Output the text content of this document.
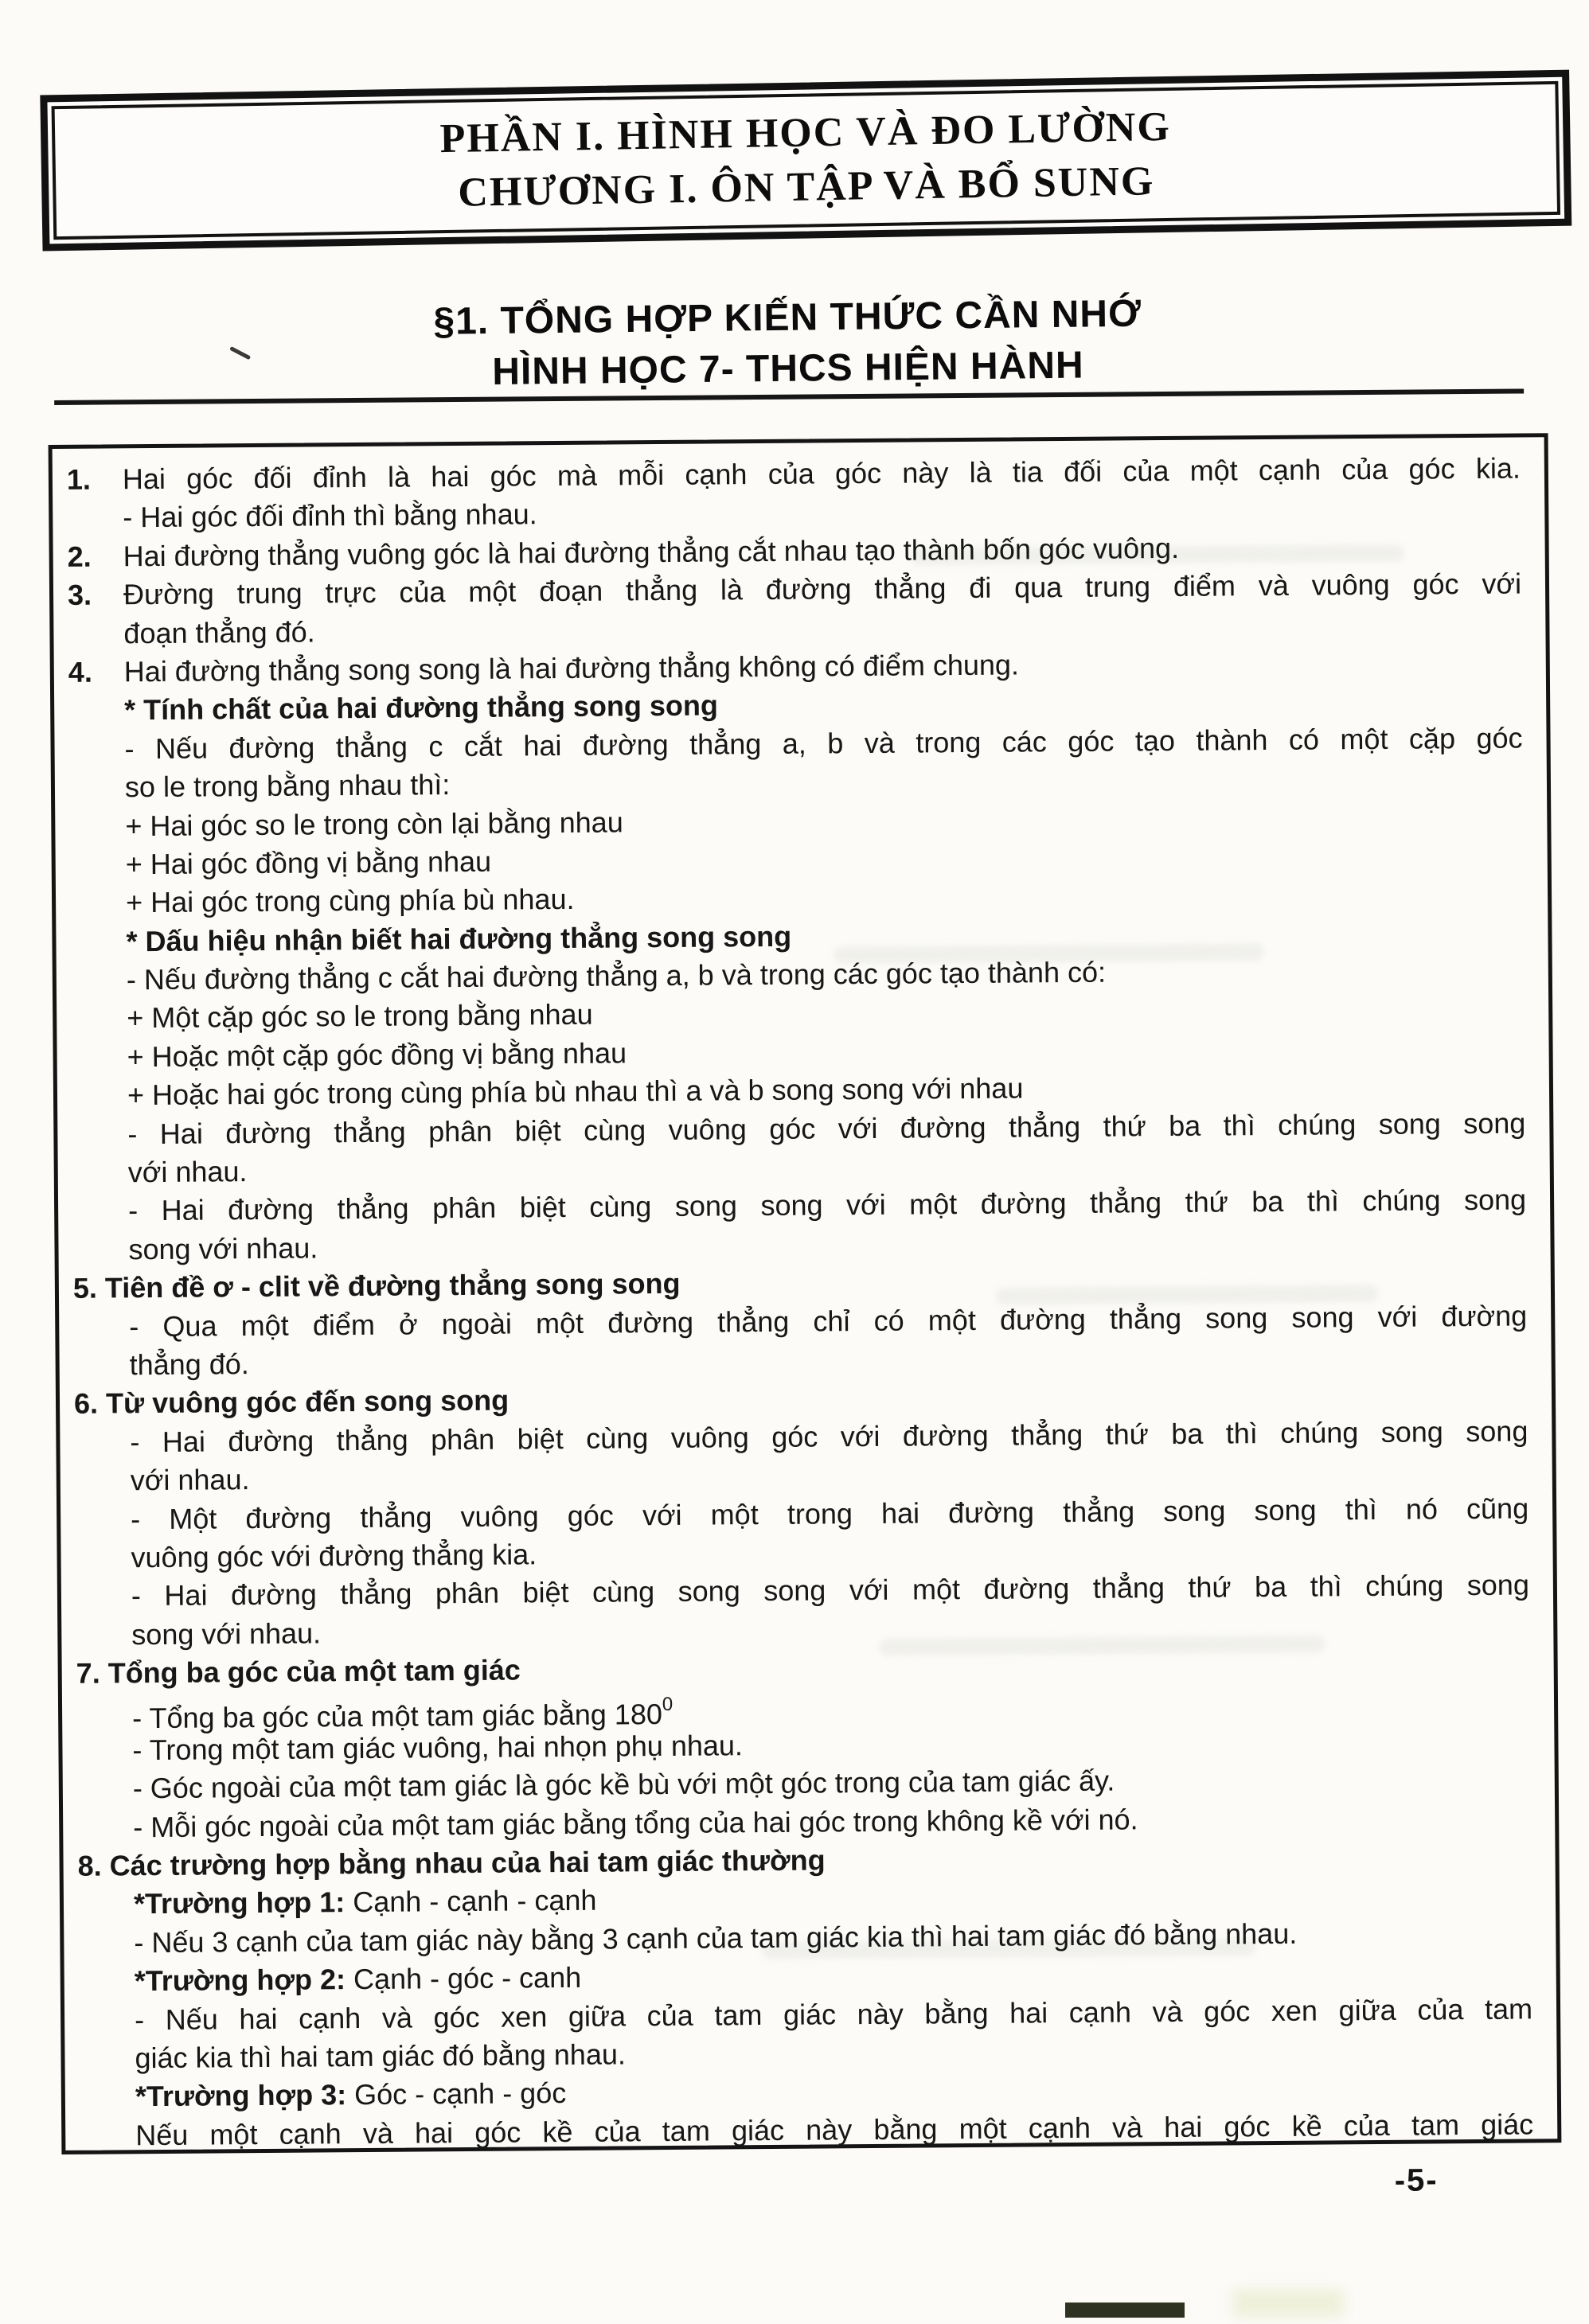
PHẦN I. HÌNH HỌC VÀ ĐO LƯỜNG
CHƯƠNG I. ÔN TẬP VÀ BỔ SUNG
§1. TỔNG HỢP KIẾN THỨC CẦN NHỚ
HÌNH HỌC 7- THCS HIỆN HÀNH
1.	Hai góc đối đỉnh là hai góc mà mỗi cạnh của góc này là tia đối của một cạnh của góc kia.
- Hai góc đối đỉnh thì bằng nhau.
2.	Hai đường thẳng vuông góc là hai đường thẳng cắt nhau tạo thành bốn góc vuông.
3.	Đường trung trực của một đoạn thẳng là đường thẳng đi qua trung điểm và vuông góc với
đoạn thẳng đó.
4.	Hai đường thẳng song song là hai đường thẳng không có điểm chung.
* Tính chất của hai đường thẳng song song
- Nếu đường thẳng c cắt hai đường thẳng a, b và trong các góc tạo thành có một cặp góc
so le trong bằng nhau thì:
+ Hai góc so le trong còn lại bằng nhau
+ Hai góc đồng vị bằng nhau
+ Hai góc trong cùng phía bù nhau.
* Dấu hiệu nhận biết hai đường thẳng song song
- Nếu đường thẳng c cắt hai đường thẳng a, b và trong các góc tạo thành có:
+ Một cặp góc so le trong bằng nhau
+ Hoặc một cặp góc đồng vị bằng nhau
+ Hoặc hai góc trong cùng phía bù nhau thì a và b song song với nhau
- Hai đường thẳng phân biệt cùng vuông góc với đường thẳng thứ ba thì chúng song song
với nhau.
- Hai đường thẳng phân biệt cùng song song với một đường thẳng thứ ba thì chúng song
song với nhau.
5. Tiên đề ơ - clit về đường thẳng song song
- Qua một điểm ở ngoài một đường thẳng chỉ có một đường thẳng song song với đường
thẳng đó.
6. Từ vuông góc đến song song
- Hai đường thẳng phân biệt cùng vuông góc với đường thẳng thứ ba thì chúng song song
với nhau.
- Một đường thẳng vuông góc với một trong hai đường thẳng song song thì nó cũng
vuông góc với đường thẳng kia.
- Hai đường thẳng phân biệt cùng song song với một đường thẳng thứ ba thì chúng song
song với nhau.
7. Tổng ba góc của một tam giác
- Tổng ba góc của một tam giác bằng $180^0$
- Trong một tam giác vuông, hai nhọn phụ nhau.
- Góc ngoài của một tam giác là góc kề bù với một góc trong của tam giác ấy.
- Mỗi góc ngoài của một tam giác bằng tổng của hai góc trong không kề với nó.
8. Các trường hợp bằng nhau của hai tam giác thường
*Trường hợp 1: Cạnh - cạnh - cạnh
- Nếu 3 cạnh của tam giác này bằng 3 cạnh của tam giác kia thì hai tam giác đó bằng nhau.
*Trường hợp 2: Cạnh - góc - canh
- Nếu hai cạnh và góc xen giữa của tam giác này bằng hai cạnh và góc xen giữa của tam
giác kia thì hai tam giác đó bằng nhau.
*Trường hợp 3: Góc - cạnh - góc
Nếu một cạnh và hai góc kề của tam giác này bằng một cạnh và hai góc kề của tam giác
-5-
